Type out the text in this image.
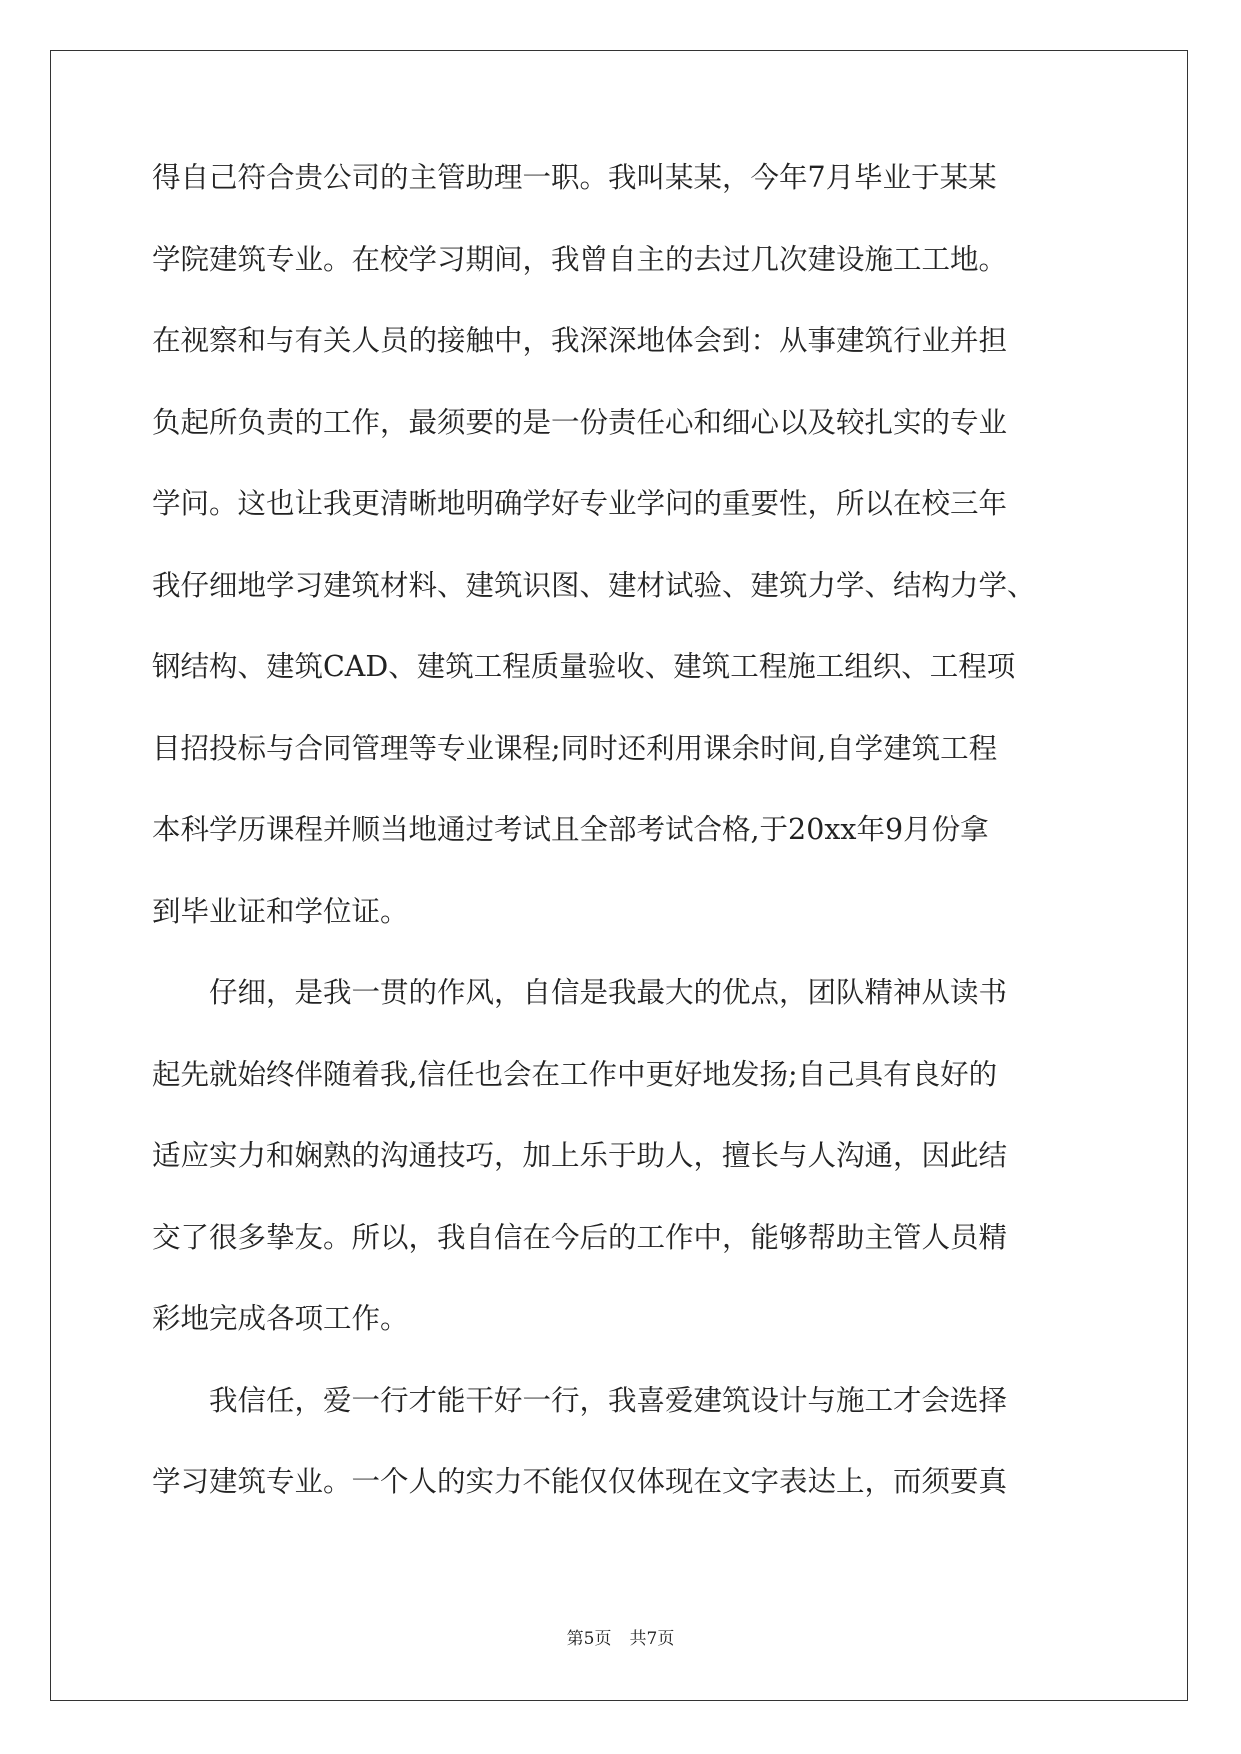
得自己符合贵公司的主管助理一职。我叫某某，今年7月毕业于某某
学院建筑专业。在校学习期间，我曾自主的去过几次建设施工工地。
在视察和与有关人员的接触中，我深深地体会到：从事建筑行业并担
负起所负责的工作，最须要的是一份责任心和细心以及较扎实的专业
学问。这也让我更清晰地明确学好专业学问的重要性，所以在校三年
我仔细地学习建筑材料、建筑识图、建材试验、建筑力学、结构力学、
钢结构、建筑CAD、建筑工程质量验收、建筑工程施工组织、工程项
目招投标与合同管理等专业课程;同时还利用课余时间,自学建筑工程
本科学历课程并顺当地通过考试且全部考试合格,于20xx年9月份拿
到毕业证和学位证。
　　仔细，是我一贯的作风，自信是我最大的优点，团队精神从读书
起先就始终伴随着我,信任也会在工作中更好地发扬;自己具有良好的
适应实力和娴熟的沟通技巧，加上乐于助人，擅长与人沟通，因此结
交了很多挚友。所以，我自信在今后的工作中，能够帮助主管人员精
彩地完成各项工作。
　　我信任，爱一行才能干好一行，我喜爱建筑设计与施工才会选择
学习建筑专业。一个人的实力不能仅仅体现在文字表达上，而须要真
第5页 共7页
